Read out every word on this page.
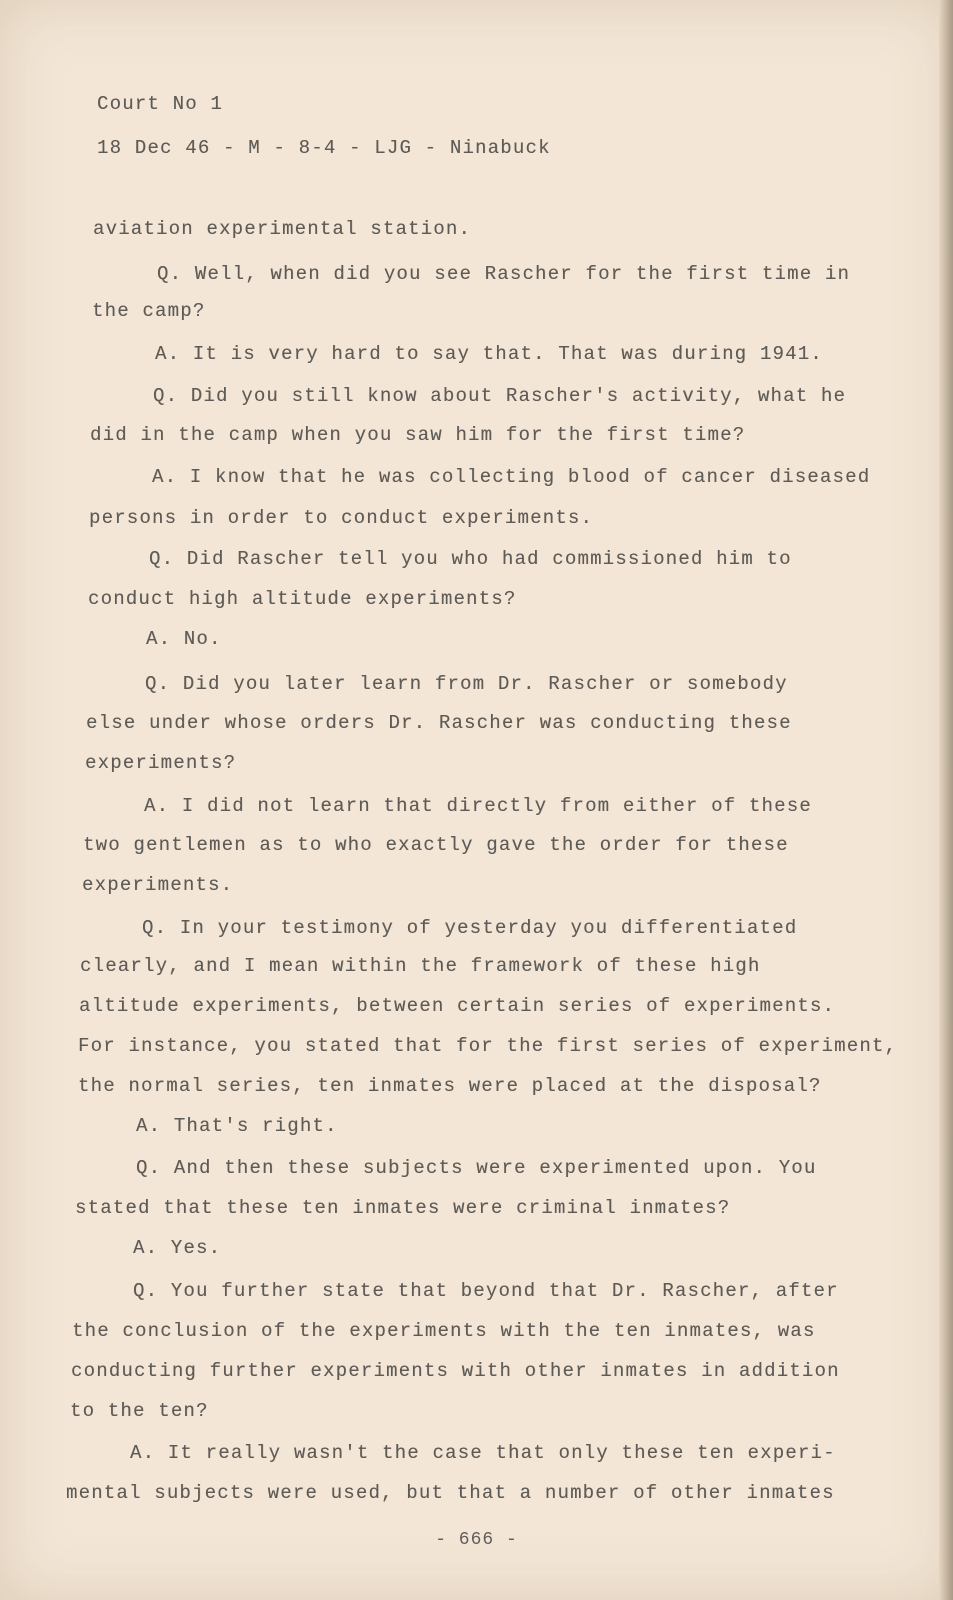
Court No 1

18 Dec 46 - M - 8-4 - LJG - Ninabuck

aviation experimental station.

Q. Well, when did you see Rascher for the first time in

the camp?

A. It is very hard to say that. That was during 1941.

Q. Did you still know about Rascher's activity, what he

did in the camp when you saw him for the first time?

A. I know that he was collecting blood of cancer diseased

persons in order to conduct experiments.

Q. Did Rascher tell you who had commissioned him to

conduct high altitude experiments?

A. No.

Q. Did you later learn from Dr. Rascher or somebody

else under whose orders Dr. Rascher was conducting these

experiments?

A. I did not learn that directly from either of these

two gentlemen as to who exactly gave the order for these

experiments.

Q. In your testimony of yesterday you differentiated

clearly, and I mean within the framework of these high

altitude experiments, between certain series of experiments.

For instance, you stated that for the first series of experiment,

the normal series, ten inmates were placed at the disposal?

A. That's right.

Q. And then these subjects were experimented upon. You

stated that these ten inmates were criminal inmates?

A. Yes.

Q. You further state that beyond that Dr. Rascher, after

the conclusion of the experiments with the ten inmates, was

conducting further experiments with other inmates in addition

to the ten?

A. It really wasn't the case that only these ten experi-

mental subjects were used, but that a number of other inmates

- 666 -
